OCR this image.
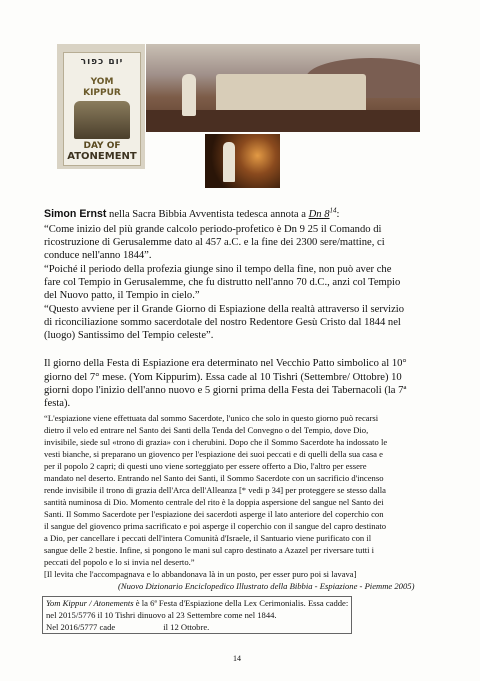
יום כפור
YOM
KIPPUR
DAY OF
ATONEMENT
Simon Ernst nella Sacra Bibbia Avventista tedesca annota a Dn $8^{14}$:
“Come inizio del più grande calcolo periodo-profetico è Dn 9 25 il Comando di
ricostruzione di Gerusalemme dato al 457 a.C. e la fine dei 2300 sere/mattine, ci
conduce nell'anno 1844”.
“Poiché il periodo della profezia giunge sino il tempo della fine, non può aver che
fare col Tempio in Gerusalemme, che fu distrutto nell'anno 70 d.C., anzi col Tempio
del Nuovo patto, il Tempio in cielo.”
“Questo avviene per il Grande Giorno di Espiazione della realtà attraverso il servizio
di riconciliazione sommo sacerdotale del nostro Redentore Gesù Cristo dal 1844 nel
(luogo) Santissimo del Tempio celeste”.
Il giorno della Festa di Espiazione era determinato nel Vecchio Patto simbolico al 10°
giorno del 7° mese. (Yom Kippurim). Essa cade al 10 Tishri (Settembre/ Ottobre) 10
giorni dopo l'inizio dell'anno nuovo e 5 giorni prima della Festa dei Tabernacoli (la 7ª
festa).
“L'espiazione viene effettuata dal sommo Sacerdote, l'unico che solo in questo giorno può recarsi
dietro il velo ed entrare nel Santo dei Santi della Tenda del Convegno o del Tempio, dove Dio,
invisibile, siede sul «trono di grazia» con i cherubini. Dopo che il Sommo Sacerdote ha indossato le
vesti bianche, si preparano un giovenco per l'espiazione dei suoi peccati e di quelli della sua casa e
per il popolo 2 capri; di questi uno viene sorteggiato per essere offerto a Dio, l'altro per essere
mandato nel deserto. Entrando nel Santo dei Santi, il Sommo Sacerdote con un sacrificio d'incenso
rende invisibile il trono di grazia dell'Arca dell'Alleanza [* vedi p 34] per proteggere se stesso dalla
santità numinosa di Dio. Momento centrale del rito è la doppia aspersione del sangue nel Santo dei
Santi. Il Sommo Sacerdote per l'espiazione dei sacerdoti asperge il lato anteriore del coperchio con
il sangue del giovenco prima sacrificato e poi asperge il coperchio con il sangue del capro destinato
a Dio, per cancellare i peccati dell'intera Comunità d'Israele, il Santuario viene purificato con il
sangue delle 2 bestie. Infine, si pongono le mani sul capro destinato a Azazel per riversare tutti i
peccati del popolo e lo si invia nel deserto.”
[Il levita che l'accompagnava e lo abbandonava là in un posto, per esser puro poi si lavava]
(Nuovo Dizionario Enciclopedico Illustrato della Bibbia - Espiazione - Piemme 2005)
Yom Kippur / Atonements è la 6ª Festa d'Espiazione della Lex Cerimonialis. Essa cadde:
nel 2015/5776 il 10 Tishri dinuovo al 23 Settembre come nel 1844.
Nel 2016/5777 cade	il 12 Ottobre.
14
